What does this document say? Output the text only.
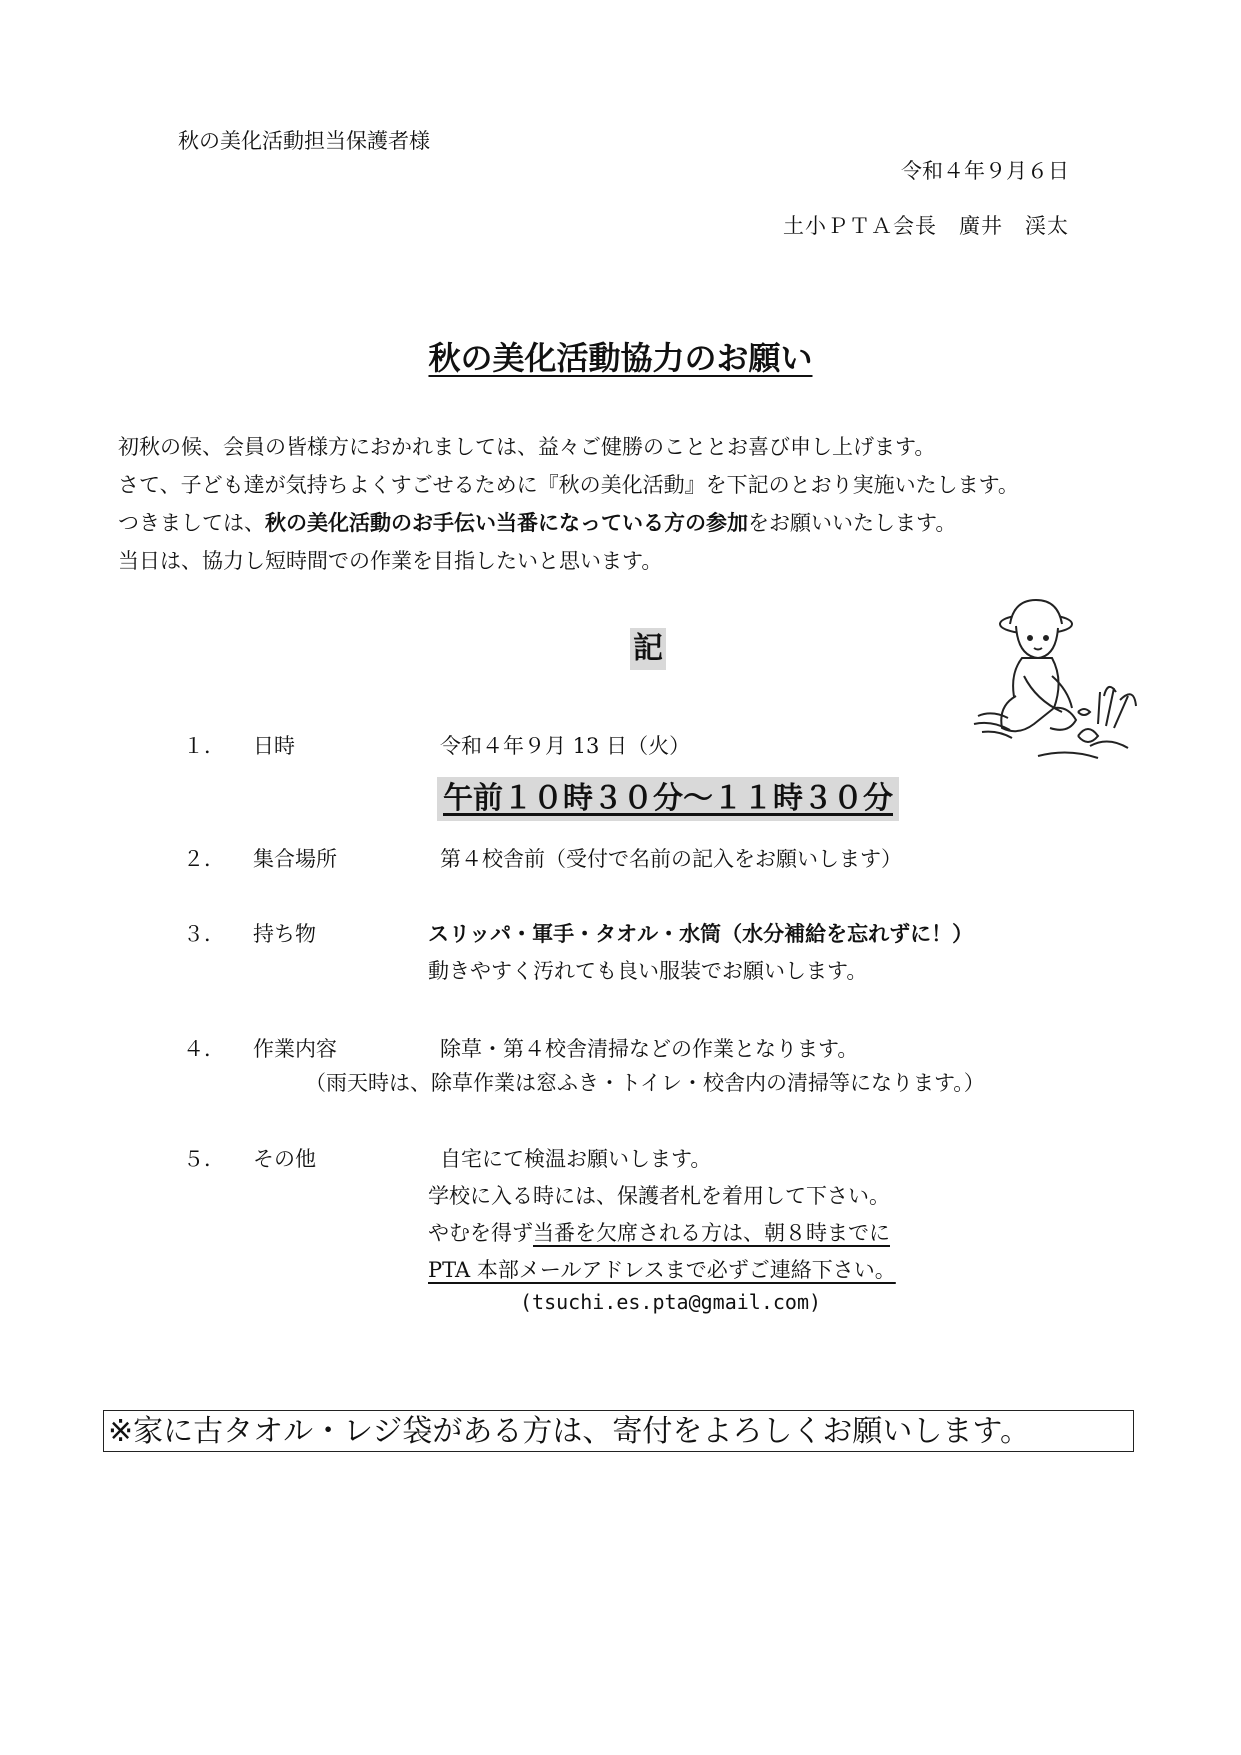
秋の美化活動担当保護者様
令和４年９月６日
土小ＰＴＡ会長　廣井　渓太
秋の美化活動協力のお願い
初秋の候、会員の皆様方におかれましては、益々ご健勝のこととお喜び申し上げます。
さて、子ども達が気持ちよくすごせるために『秋の美化活動』を下記のとおり実施いたします。
つきましては、秋の美化活動のお手伝い当番になっている方の参加をお願いいたします。
当日は、協力し短時間での作業を目指したいと思います。
記
１． 日時	令和４年９月 13 日（火）
午前１０時３０分～１１時３０分
２． 集合場所	第４校舎前（受付で名前の記入をお願いします）
３． 持ち物	スリッパ・軍手・タオル・水筒（水分補給を忘れずに！）
動きやすく汚れても良い服装でお願いします。
４． 作業内容	除草・第４校舎清掃などの作業となります。
（雨天時は、除草作業は窓ふき・トイレ・校舎内の清掃等になります。）
５． その他	自宅にて検温お願いします。
学校に入る時には、保護者札を着用して下さい。
やむを得ず当番を欠席される方は、朝８時までに
PTA 本部メールアドレスまで必ずご連絡下さい。
(tsuchi.es.pta@gmail.com)
※家に古タオル・レジ袋がある方は、寄付をよろしくお願いします。
